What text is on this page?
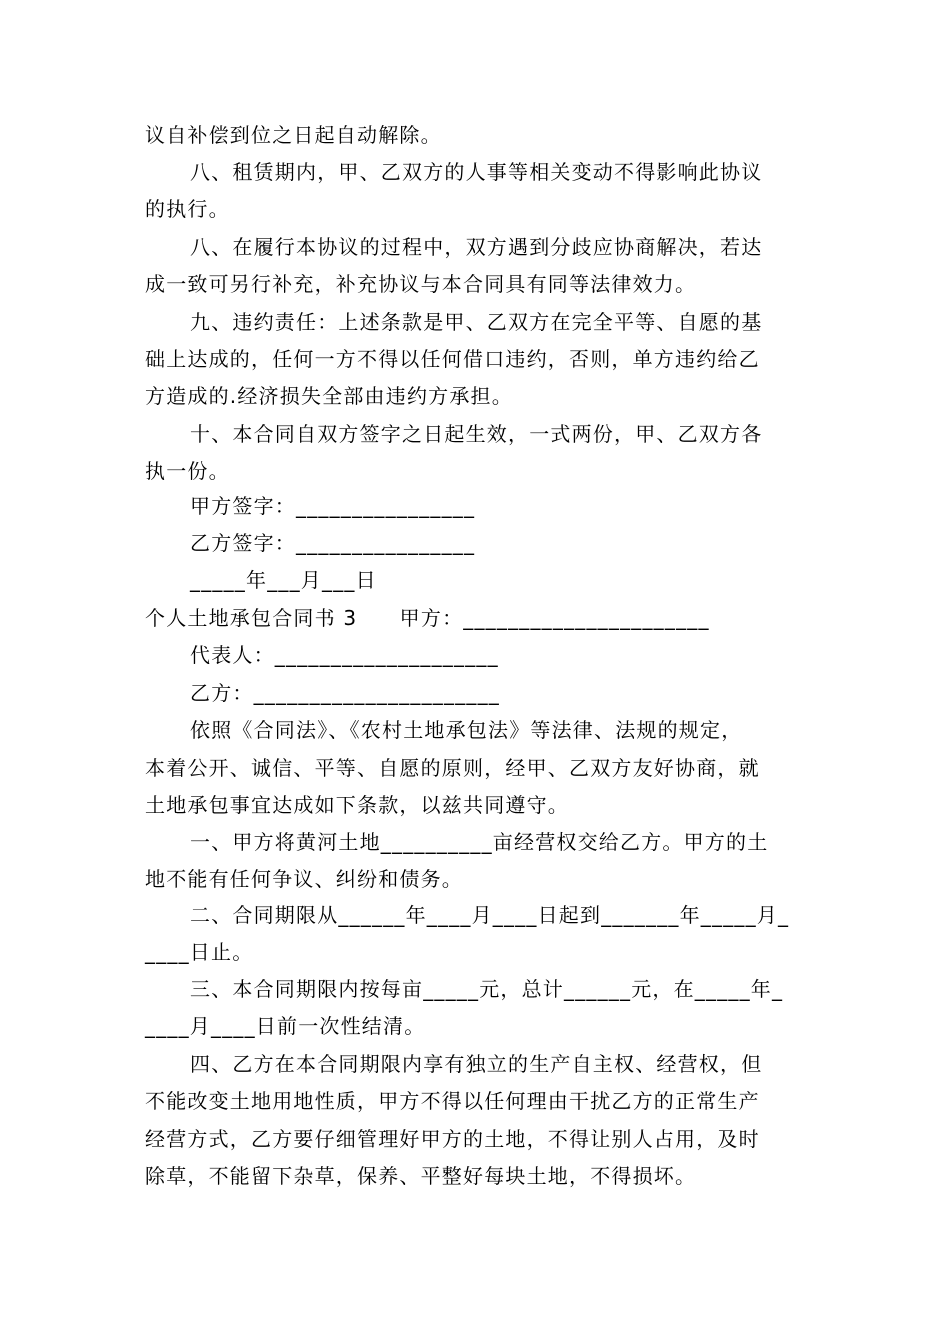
议自补偿到位之日起自动解除。
八、租赁期内，甲、乙双方的人事等相关变动不得影响此协议
的执行。
八、在履行本协议的过程中，双方遇到分歧应协商解决，若达
成一致可另行补充，补充协议与本合同具有同等法律效力。
九、违约责任：上述条款是甲、乙双方在完全平等、自愿的基
础上达成的，任何一方不得以任何借口违约，否则，单方违约给乙
方造成的.经济损失全部由违约方承担。
十、本合同自双方签字之日起生效，一式两份，甲、乙双方各
执一份。
甲方签字：________________
乙方签字：________________
_____年___月___日
个人土地承包合同书 3　　甲方：______________________
代表人：____________________
乙方：______________________
依照《合同法》、《农村土地承包法》等法律、法规的规定，
本着公开、诚信、平等、自愿的原则，经甲、乙双方友好协商，就
土地承包事宜达成如下条款，以兹共同遵守。
一、甲方将黄河土地__________亩经营权交给乙方。甲方的土
地不能有任何争议、纠纷和债务。
二、合同期限从______年____月____日起到_______年_____月_
____日止。
三、本合同期限内按每亩_____元，总计______元，在_____年_
____月____日前一次性结清。
四、乙方在本合同期限内享有独立的生产自主权、经营权，但
不能改变土地用地性质，甲方不得以任何理由干扰乙方的正常生产
经营方式，乙方要仔细管理好甲方的土地，不得让别人占用，及时
除草，不能留下杂草，保养、平整好每块土地，不得损坏。
